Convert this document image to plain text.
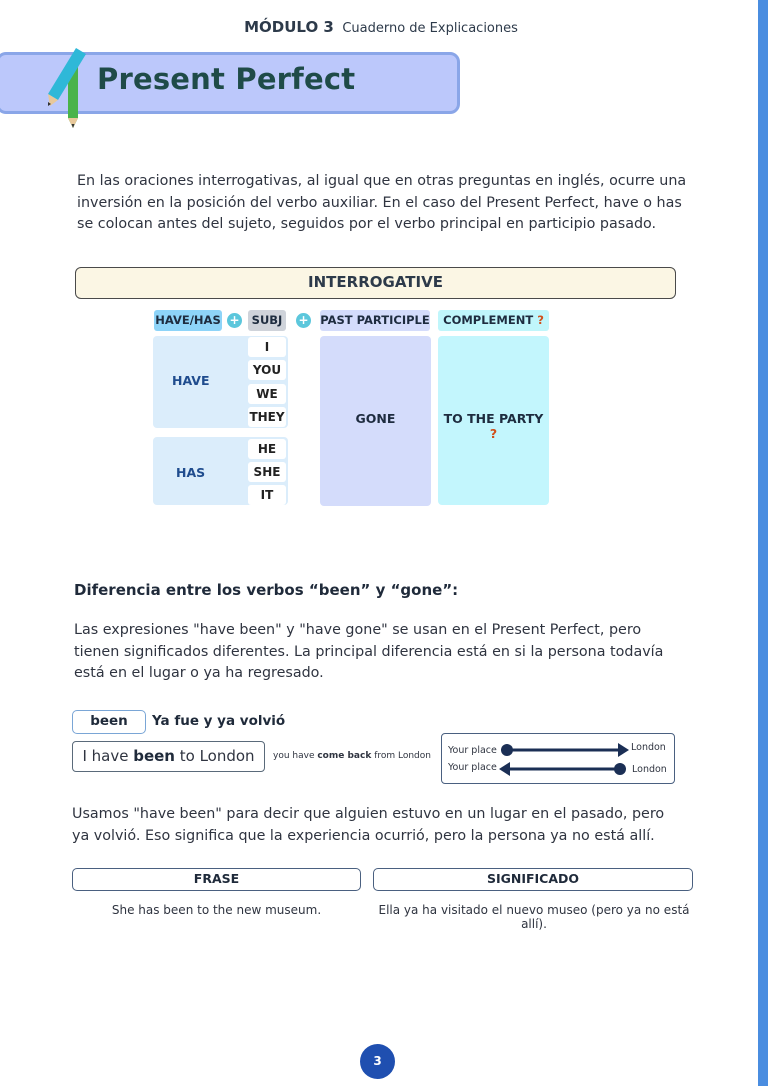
MÓDULO 3 Cuaderno de Explicaciones
Present Perfect
En las oraciones interrogativas, al igual que en otras preguntas en inglés, ocurre una inversión en la posición del verbo auxiliar. En el caso del Present Perfect, have o has se colocan antes del sujeto, seguidos por el verbo principal en participio pasado.
INTERROGATIVE
HAVE/HAS +	SUBJ	+ PAST PARTICIPLE	COMPLEMENT ?
HAVE
I
YOU
WE
THEY
HAS
HE
SHE
IT
GONE	TO THE PARTY ?
Diferencia entre los verbos “been” y “gone”:
Las expresiones "have been" y "have gone" se usan en el Present Perfect, pero tienen significados diferentes. La principal diferencia está en si la persona todavía está en el lugar o ya ha regresado.
been	Ya fue y ya volvió
I have been to London	you have come back from London Your place	London
Your place	London
Usamos "have been" para decir que alguien estuvo en un lugar en el pasado, pero ya volvió. Eso significa que la experiencia ocurrió, pero la persona ya no está allí.
FRASE	SIGNIFICADO
She has been to the new museum.	Ella ya ha visitado el nuevo museo (pero ya no está allí).
3
